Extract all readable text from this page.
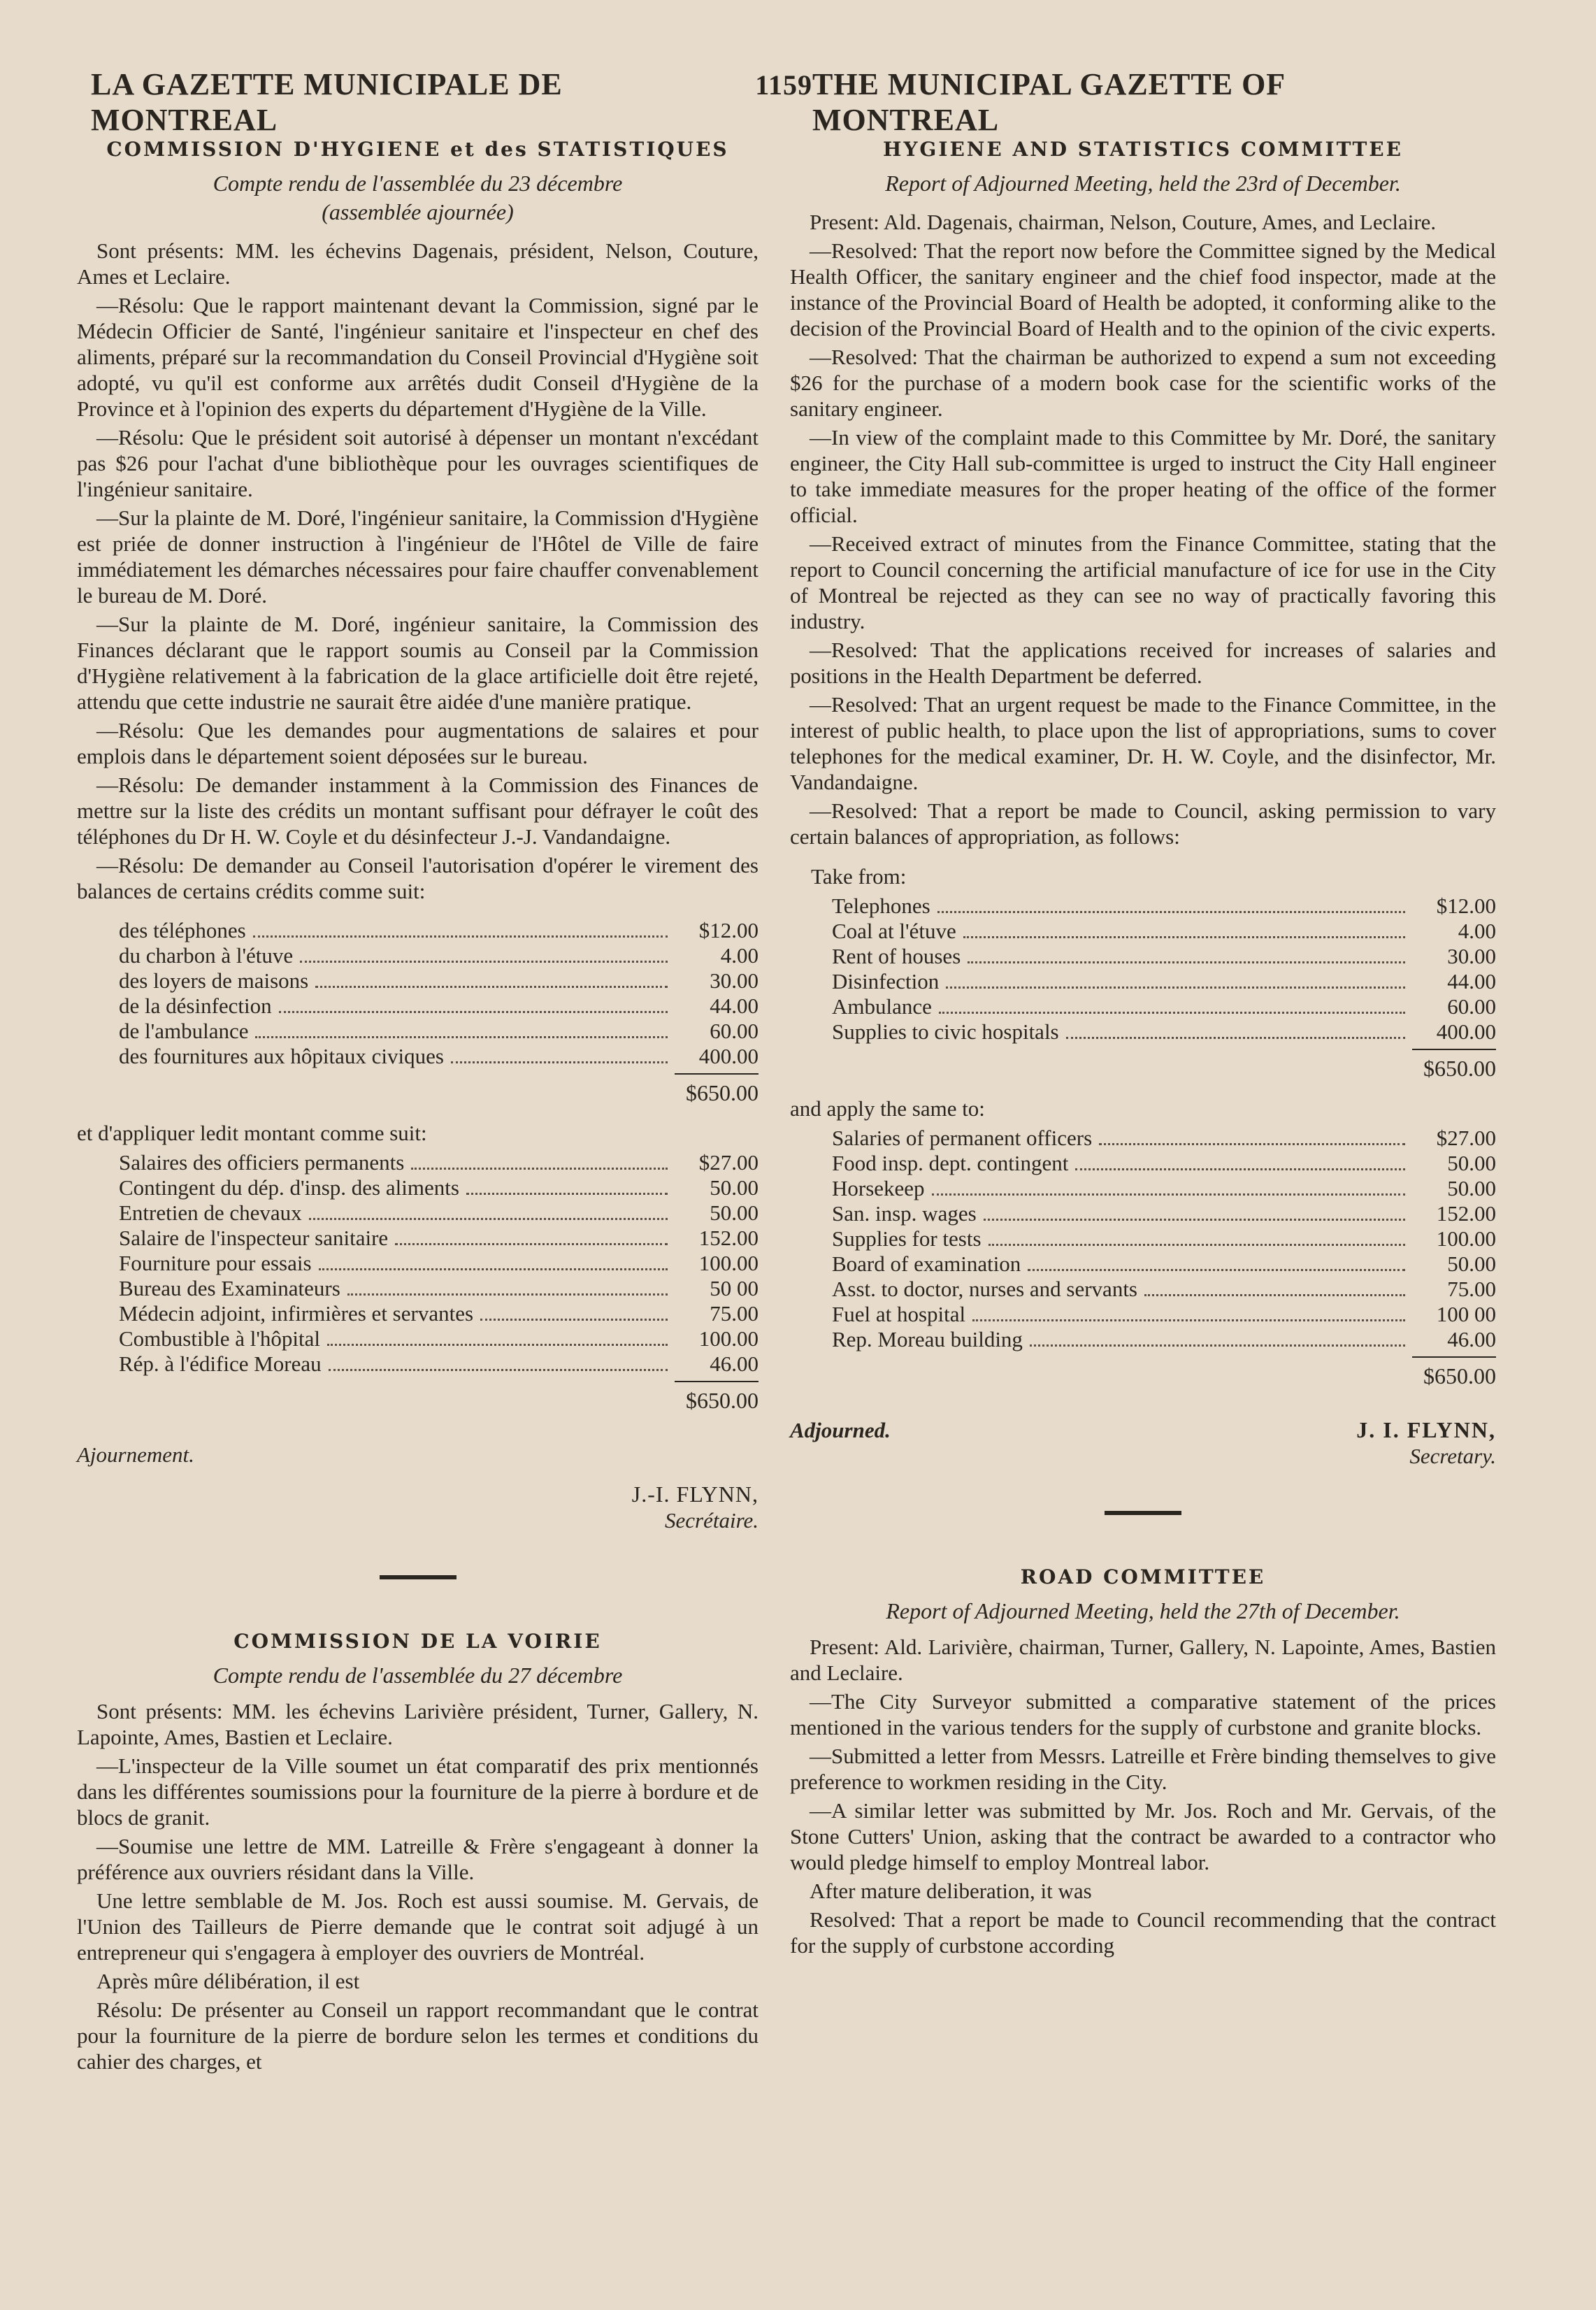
LA GAZETTE MUNICIPALE DE MONTREAL
1159 THE MUNICIPAL GAZETTE OF MONTREAL
COMMISSION D'HYGIENE et des STATISTIQUES
Compte rendu de l'assemblée du 23 décembre
(assemblée ajournée)

Sont présents: MM. les échevins Dagenais, président, Nelson, Couture, Ames et Leclaire.

—Résolu: Que le rapport maintenant devant la Commission, signé par le Médecin Officier de Santé, l'ingénieur sanitaire et l'inspecteur en chef des aliments, préparé sur la recommandation du Conseil Provincial d'Hygiène soit adopté, vu qu'il est conforme aux arrêtés dudit Conseil d'Hygiène de la Province et à l'opinion des experts du département d'Hygiène de la Ville.

—Résolu: Que le président soit autorisé à dépenser un montant n'excédant pas $26 pour l'achat d'une bibliothèque pour les ouvrages scientifiques de l'ingénieur sanitaire.

—Sur la plainte de M. Doré, l'ingénieur sanitaire, la Commission d'Hygiène est priée de donner instruction à l'ingénieur de l'Hôtel de Ville de faire immédiatement les démarches nécessaires pour faire chauffer convenablement le bureau de M. Doré.

—Sur la plainte de M. Doré, ingénieur sanitaire, la Commission des Finances déclarant que le rapport soumis au Conseil par la Commission d'Hygiène relativement à la fabrication de la glace artificielle doit être rejeté, attendu que cette industrie ne saurait être aidée d'une manière pratique.

—Résolu: Que les demandes pour augmentations de salaires et pour emplois dans le département soient déposées sur le bureau.

—Résolu: De demander instamment à la Commission des Finances de mettre sur la liste des crédits un montant suffisant pour défrayer le coût des téléphones du Dr H. W. Coyle et du désinfecteur J.-J. Vandandaigne.

—Résolu: De demander au Conseil l'autorisation d'opérer le virement des balances de certains crédits comme suit:

des téléphones	$12.00
du charbon à l'étuve	4.00
des loyers de maisons	30.00
de la désinfection	44.00
de l'ambulance	60.00
des fournitures aux hôpitaux civiques	400.00
$650.00

et d'appliquer ledit montant comme suit:

Salaires des officiers permanents	$27.00
Contingent du dép. d'insp. des aliments	50.00
Entretien de chevaux	50.00
Salaire de l'inspecteur sanitaire	152.00
Fourniture pour essais	100.00
Bureau des Examinateurs	50 00
Médecin adjoint, infirmières et servantes	75.00
Combustible à l'hôpital	100.00
Rép. à l'édifice Moreau	46.00
$650.00

Ajournement.

J.-I. FLYNN,
Secrétaire.
COMMISSION DE LA VOIRIE
Compte rendu de l'assemblée du 27 décembre

Sont présents: MM. les échevins Larivière président, Turner, Gallery, N. Lapointe, Ames, Bastien et Leclaire.

—L'inspecteur de la Ville soumet un état comparatif des prix mentionnés dans les différentes soumissions pour la fourniture de la pierre à bordure et de blocs de granit.

—Soumise une lettre de MM. Latreille & Frère s'engageant à donner la préférence aux ouvriers résidant dans la Ville.

Une lettre semblable de M. Jos. Roch est aussi soumise. M. Gervais, de l'Union des Tailleurs de Pierre demande que le contrat soit adjugé à un entrepreneur qui s'engagera à employer des ouvriers de Montréal.

Après mûre délibération, il est

Résolu: De présenter au Conseil un rapport recommandant que le contrat pour la fourniture de la pierre de bordure selon les termes et conditions du cahier des charges, et

HYGIENE AND STATISTICS COMMITTEE
Report of Adjourned Meeting, held the 23rd of December.

Present: Ald. Dagenais, chairman, Nelson, Couture, Ames, and Leclaire.

—Resolved: That the report now before the Committee signed by the Medical Health Officer, the sanitary engineer and the chief food inspector, made at the instance of the Provincial Board of Health be adopted, it conforming alike to the decision of the Provincial Board of Health and to the opinion of the civic experts.

—Resolved: That the chairman be authorized to expend a sum not exceeding $26 for the purchase of a modern book case for the scientific works of the sanitary engineer.

—In view of the complaint made to this Committee by Mr. Doré, the sanitary engineer, the City Hall sub-committee is urged to instruct the City Hall engineer to take immediate measures for the proper heating of the office of the former official.

—Received extract of minutes from the Finance Committee, stating that the report to Council concerning the artificial manufacture of ice for use in the City of Montreal be rejected as they can see no way of practically favoring this industry.

—Resolved: That the applications received for increases of salaries and positions in the Health Department be deferred.

—Resolved: That an urgent request be made to the Finance Committee, in the interest of public health, to place upon the list of appropriations, sums to cover telephones for the medical examiner, Dr. H. W. Coyle, and the disinfector, Mr. Vandandaigne.

—Resolved: That a report be made to Council, asking permission to vary certain balances of appropriation, as follows:

Take from:

Telephones	$12.00
Coal at l'étuve	4.00
Rent of houses	30.00
Disinfection	44.00
Ambulance	60.00
Supplies to civic hospitals	400.00
$650.00

and apply the same to:

Salaries of permanent officers	$27.00
Food insp. dept. contingent	50.00
Horsekeep	50.00
San. insp. wages	152.00
Supplies for tests	100.00
Board of examination	50.00
Asst. to doctor, nurses and servants	75.00
Fuel at hospital	100 00
Rep. Moreau building	46.00
$650.00
Adjourned.	J. I. FLYNN,
Secretary.
ROAD COMMITTEE
Report of Adjourned Meeting, held the 27th of December.

Present: Ald. Larivière, chairman, Turner, Gallery, N. Lapointe, Ames, Bastien and Leclaire.

—The City Surveyor submitted a comparative statement of the prices mentioned in the various tenders for the supply of curbstone and granite blocks.

—Submitted a letter from Messrs. Latreille et Frère binding themselves to give preference to workmen residing in the City.

—A similar letter was submitted by Mr. Jos. Roch and Mr. Gervais, of the Stone Cutters' Union, asking that the contract be awarded to a contractor who would pledge himself to employ Montreal labor.

After mature deliberation, it was

Resolved: That a report be made to Council recommending that the contract for the supply of curbstone according
